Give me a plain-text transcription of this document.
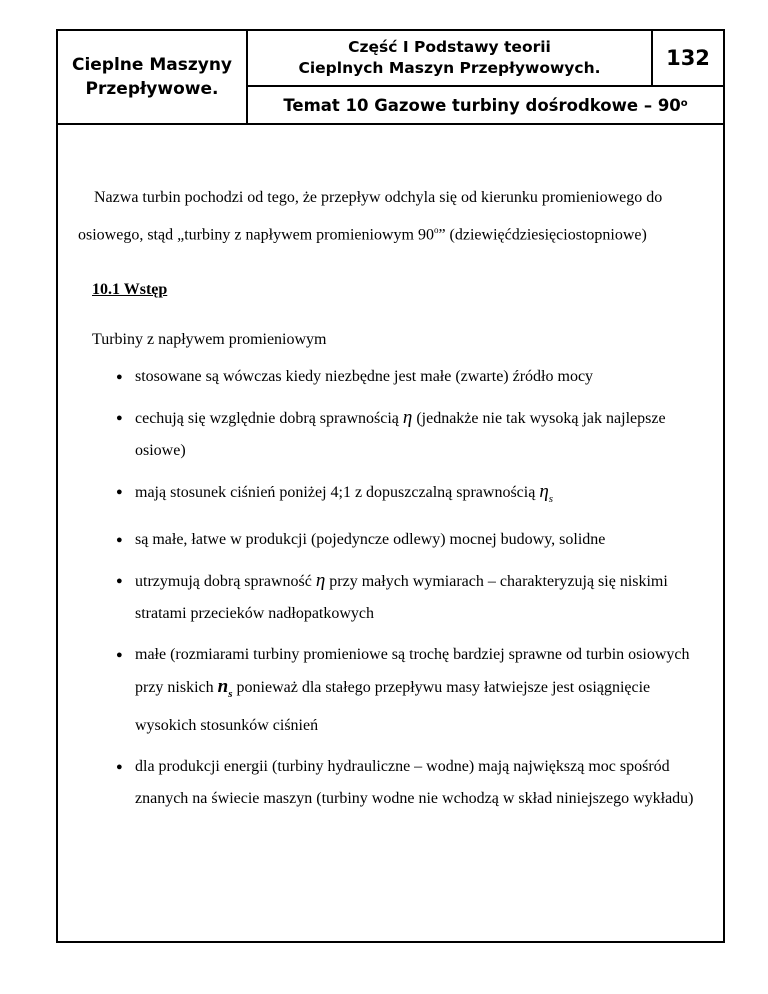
Cieplne Maszyny
Przepływowe.
Część I Podstawy teorii
Cieplnych Maszyn Przepływowych.	132
Temat 10 Gazowe turbiny dośrodkowe – 90$^o$

Nazwa turbin pochodzi od tego, że przepływ odchyla się od kierunku promieniowego do osiowego, stąd „turbiny z napływem promieniowym 90$^o$” (dziewięćdziesięciostopniowe)

10.1 Wstęp
Turbiny z napływem promieniowym
● stosowane są wówczas kiedy niezbędne jest małe (zwarte) źródło mocy
● cechują się względnie dobrą sprawnością η (jednakże nie tak wysoką jak najlepsze osiowe)
● mają stosunek ciśnień poniżej 4;1 z dopuszczalną sprawnością $\eta_s$
● są małe, łatwe w produkcji (pojedyncze odlewy) mocnej budowy, solidne
● utrzymują dobrą sprawność η przy małych wymiarach – charakteryzują się niskimi stratami przecieków nadłopatkowych
● małe (rozmiarami turbiny promieniowe są trochę bardziej sprawne od turbin osiowych przy niskich $n_s$ ponieważ dla stałego przepływu masy łatwiejsze jest osiągnięcie wysokich stosunków ciśnień
● dla produkcji energii (turbiny hydrauliczne – wodne) mają największą moc spośród znanych na świecie maszyn (turbiny wodne nie wchodzą w skład niniejszego wykładu)
